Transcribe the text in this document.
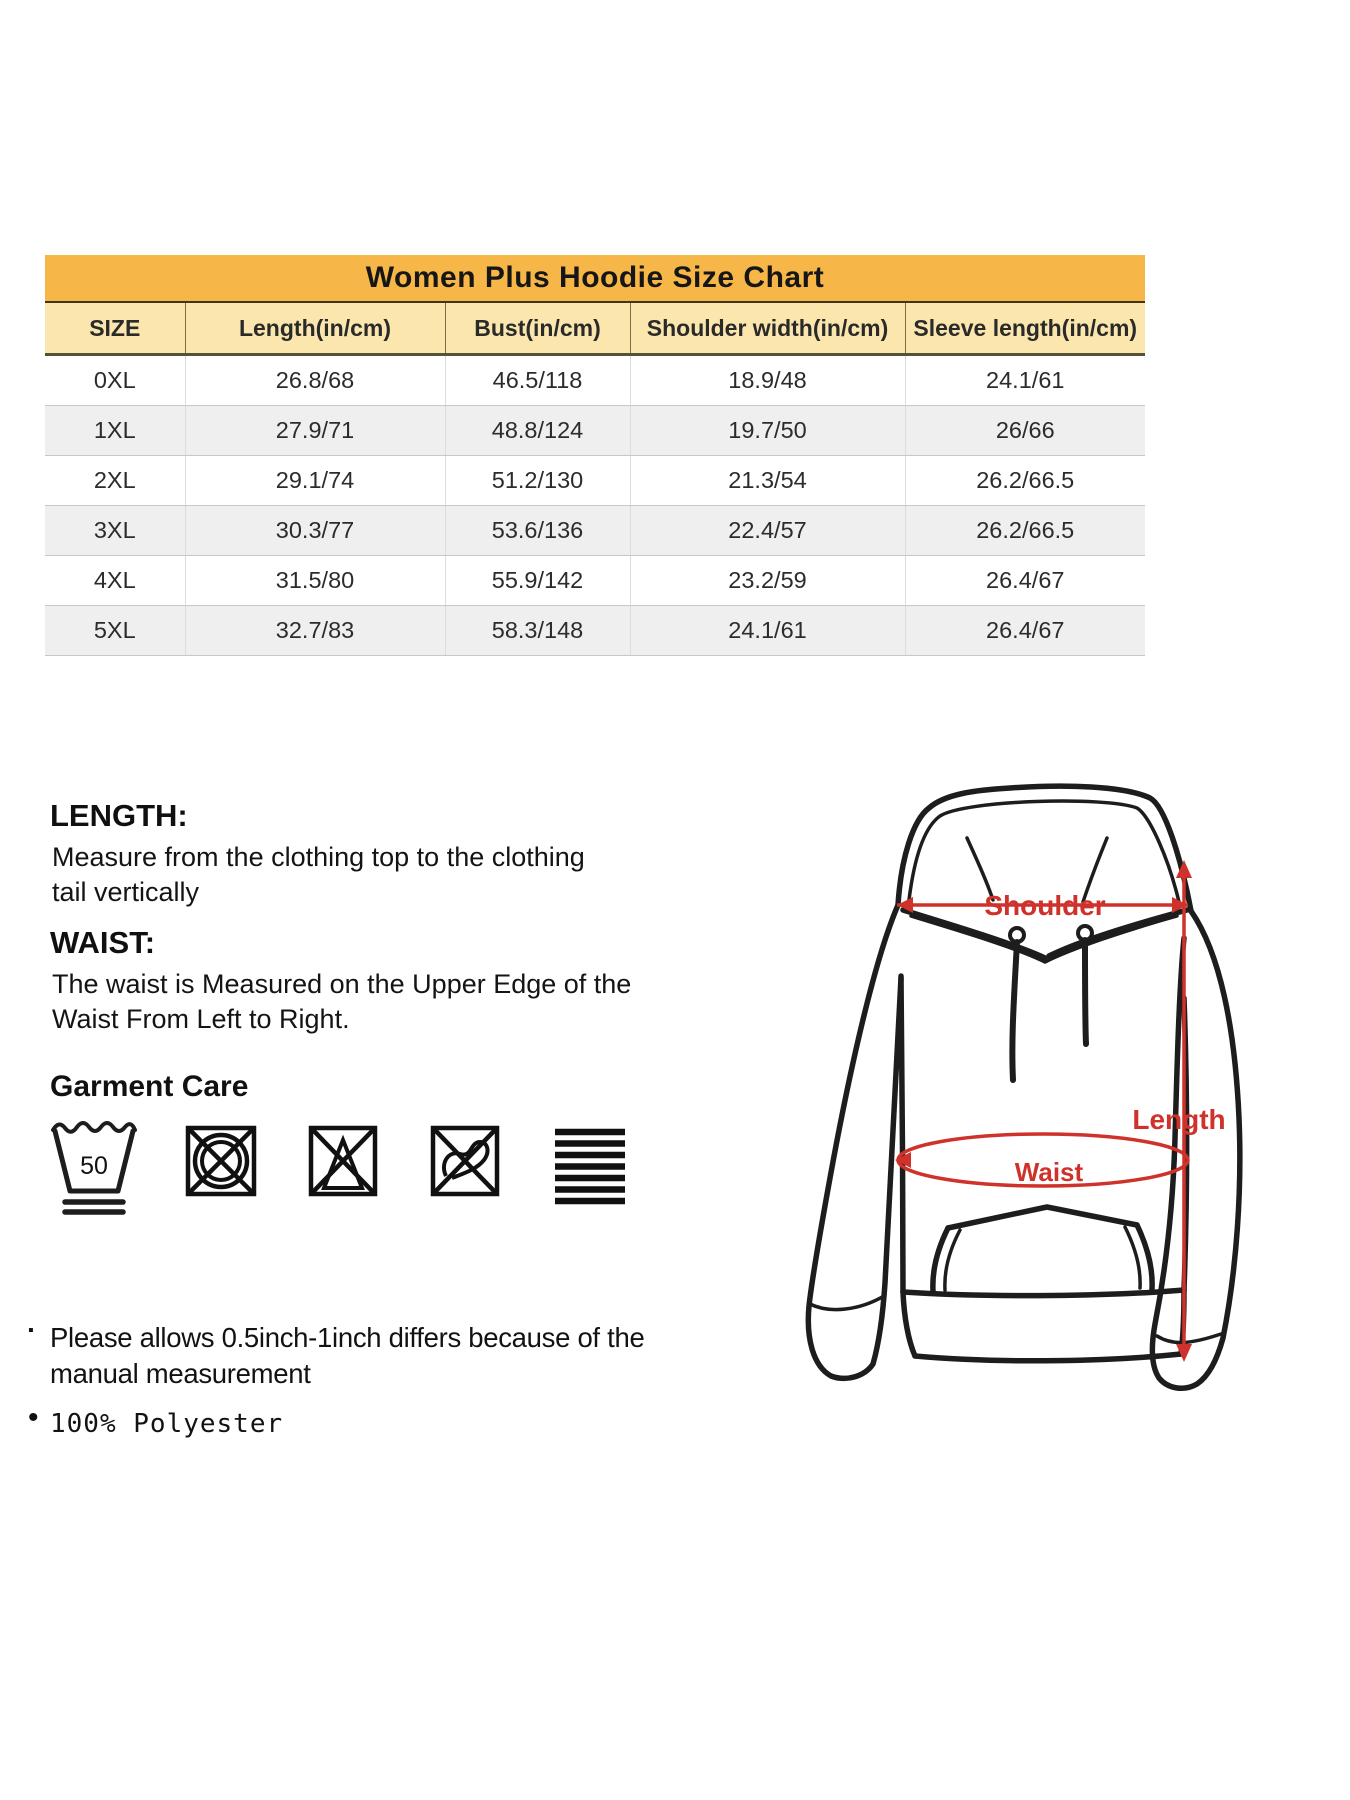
Women Plus Hoodie Size Chart
SIZE	Length(in/cm)	Bust(in/cm)	Shoulder width(in/cm)	Sleeve length(in/cm)
0XL	26.8/68	46.5/118	18.9/48	24.1/61
1XL	27.9/71	48.8/124	19.7/50	26/66
2XL	29.1/74	51.2/130	21.3/54	26.2/66.5
3XL	30.3/77	53.6/136	22.4/57	26.2/66.5
4XL	31.5/80	55.9/142	23.2/59	26.4/67
5XL	32.7/83	58.3/148	24.1/61	26.4/67
LENGTH:
Measure from the clothing top to the clothing
tail vertically
WAIST:
The waist is Measured on the Upper Edge of the
Waist From Left to Right.
Garment Care
50
▪ Please allows 0.5inch-1inch differs because of the
manual measurement
• 100% Polyester
Shoulder
Length
Waist
